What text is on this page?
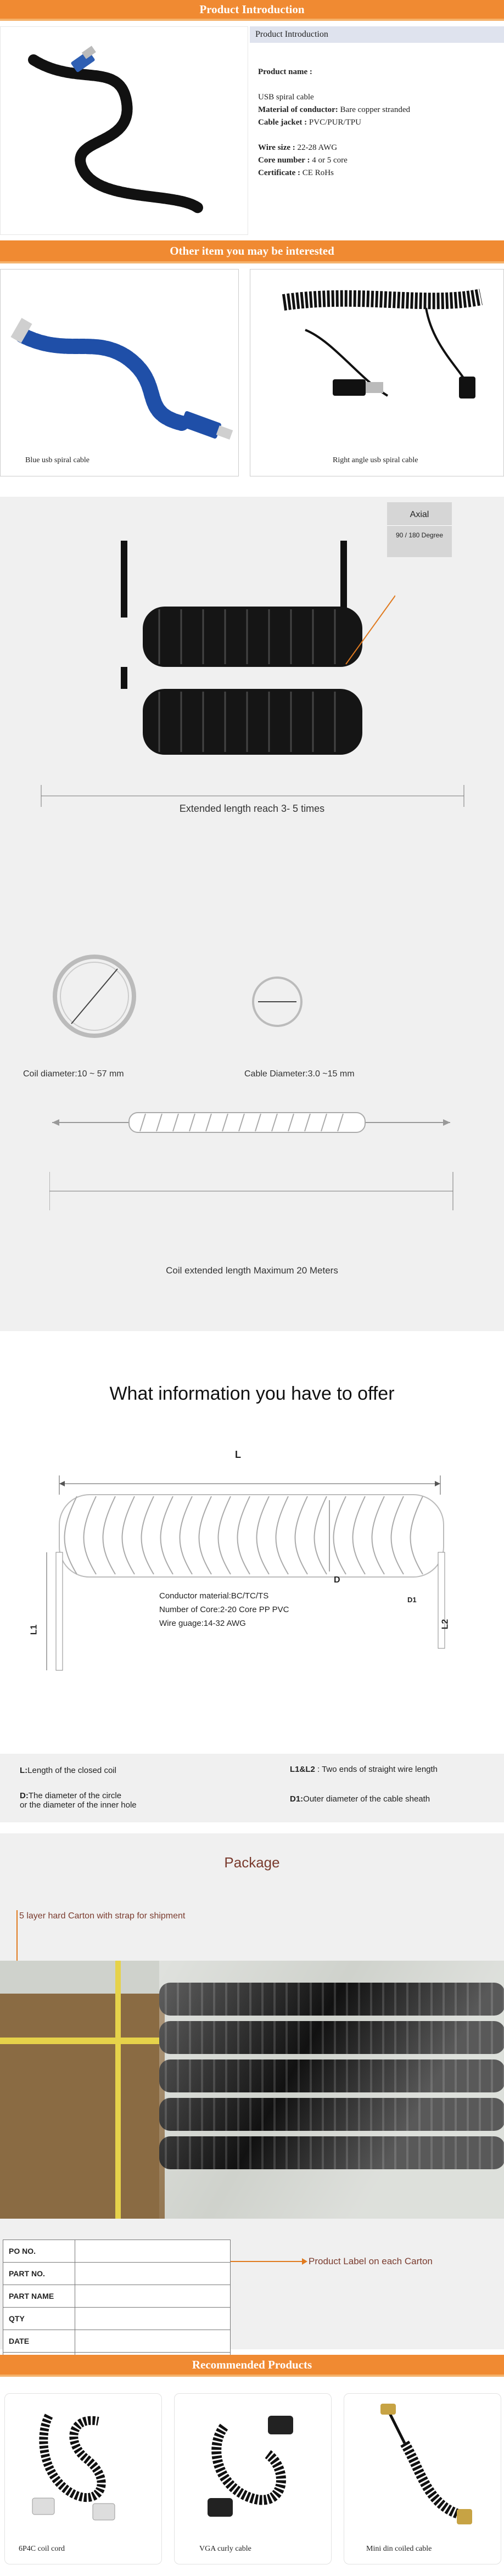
Product Introduction
Product Introduction
Product name :
USB spiral cable
Material of conductor: Bare copper stranded
Cable jacket : PVC/PUR/TPU
Wire size : 22-28 AWG
Core number : 4 or 5 core
Certificate : CE RoHs
Other item you may be interested
Blue usb spiral cable	Right angle usb spiral cable
Axial
90 / 180 Degree
Extended length reach 3- 5 times
Coil diameter:10 ~ 57 mm	Cable Diameter:3.0 ~15 mm
Coil extended length Maximum 20 Meters
What information you have to offer
L
D
D1
L1
L2
Conductor material:BC/TC/TS
Number of Core:2-20 Core PP PVC
Wire guage:14-32 AWG
L:Length of the closed coil	L1&L2 : Two ends of straight wire length
D:The diameter of the circle
or the diameter of the inner hole
D1:Outer diameter of the cable sheath
Package
5 layer hard Carton with strap for shipment
PO NO.	
PART NO.	
PART NAME	
QTY	
DATE	

Product Label on each Carton
Recommended Products
6P4C coil cord	VGA curly cable	Mini din coiled cable
